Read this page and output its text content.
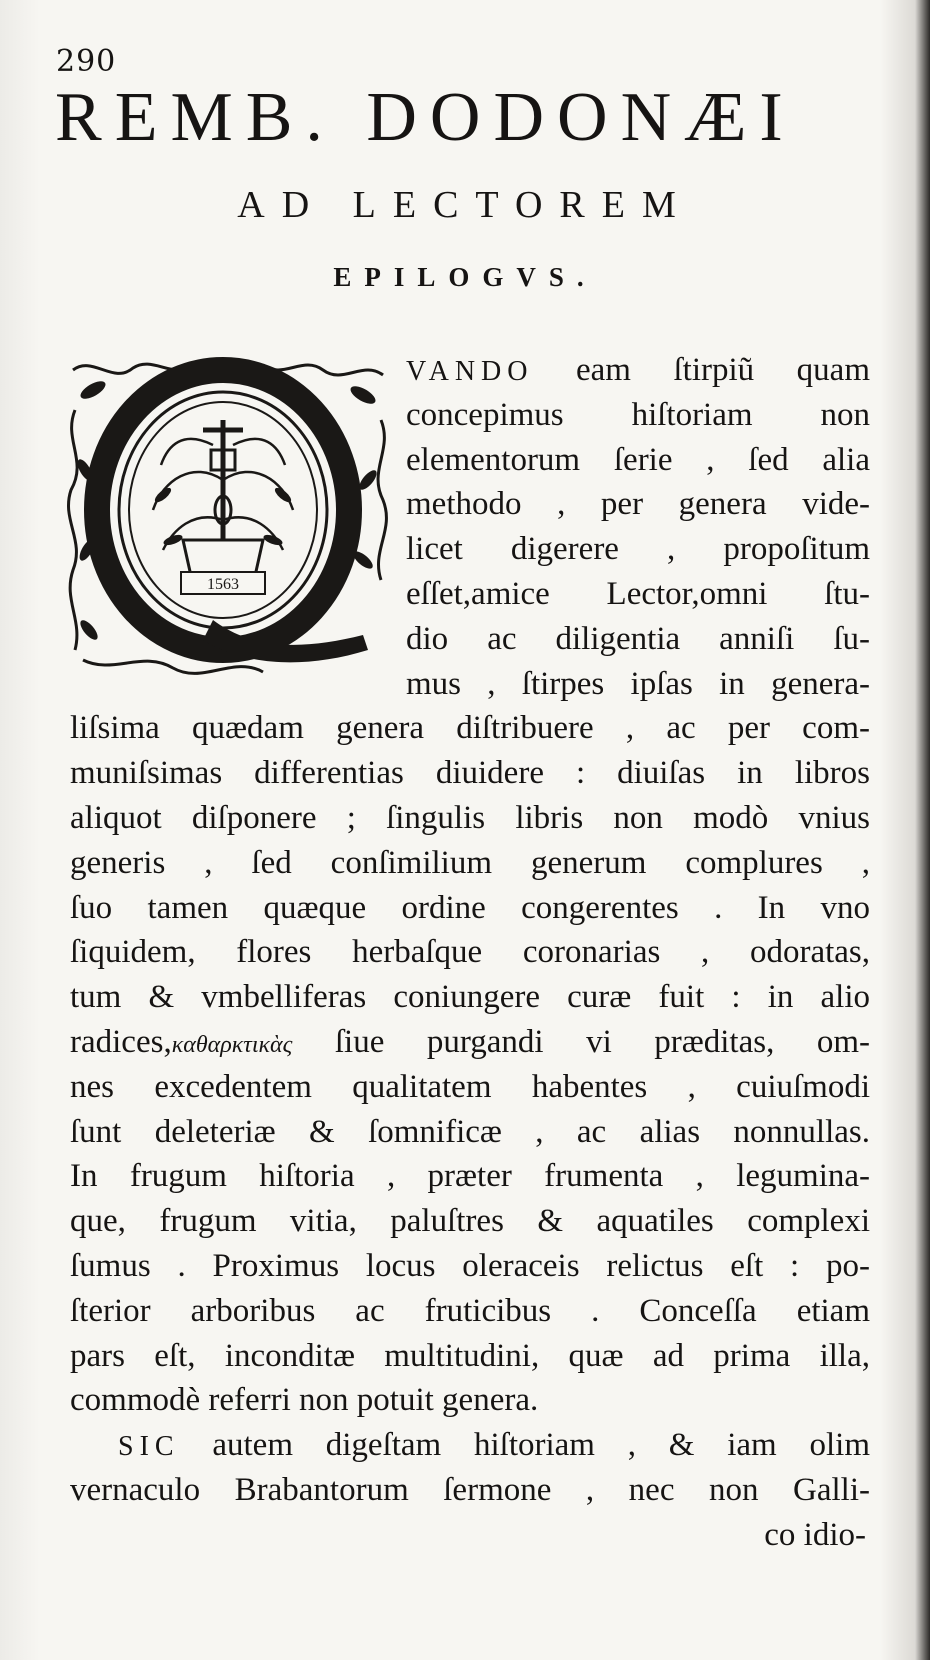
290
REMB. DODONÆI
AD LECTOREM
EPILOGVS.
1563
VANDO eam ſtirpiũ quam
concepimus hiſtoriam non
elementorum ſerie , ſed alia
methodo , per genera vide-
licet digerere , propoſitum
eſſet,amice Lector,omni ſtu-
dio ac diligentia anniſi ſu-
mus , ſtirpes ipſas in genera-
liſsima quædam genera diſtribuere , ac per com-
muniſsimas differentias diuidere : diuiſas in libros
aliquot diſponere ; ſingulis libris non modò vnius
generis , ſed conſimilium generum complures ,
ſuo tamen quæque ordine congerentes . In vno
ſiquidem, flores herbaſque coronarias , odoratas,
tum & vmbelliferas coniungere curæ fuit : in alio
radices,καθαρκτικὰς ſiue purgandi vi præditas, om-
nes excedentem qualitatem habentes , cuiuſmodi
ſunt deleteriæ & ſomnificæ , ac alias nonnullas.
In frugum hiſtoria , præter frumenta , legumina-
que, frugum vitia, paluſtres & aquatiles complexi
ſumus . Proximus locus oleraceis relictus eſt : po-
ſterior arboribus ac fruticibus . Conceſſa etiam
pars eſt, inconditæ multitudini, quæ ad prima illa,
commodè referri non potuit genera.
SIC autem digeſtam hiſtoriam , & iam olim
vernaculo Brabantorum ſermone , nec non Galli-
co idio-
